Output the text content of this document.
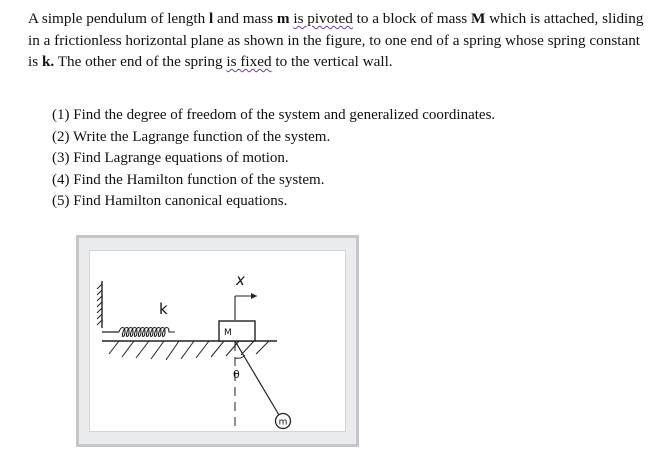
A simple pendulum of length l and mass m is pivoted to a block of mass M which is attached, sliding in a frictionless horizontal plane as shown in the figure, to one end of a spring whose spring constant is k. The other end of the spring is fixed to the vertical wall.

(1) Find the degree of freedom of the system and generalized coordinates.
(2) Write the Lagrange function of the system.
(3) Find Lagrange equations of motion.
(4) Find the Hamilton function of the system.
(5) Find Hamilton canonical equations.
k
M
x
θ
m
